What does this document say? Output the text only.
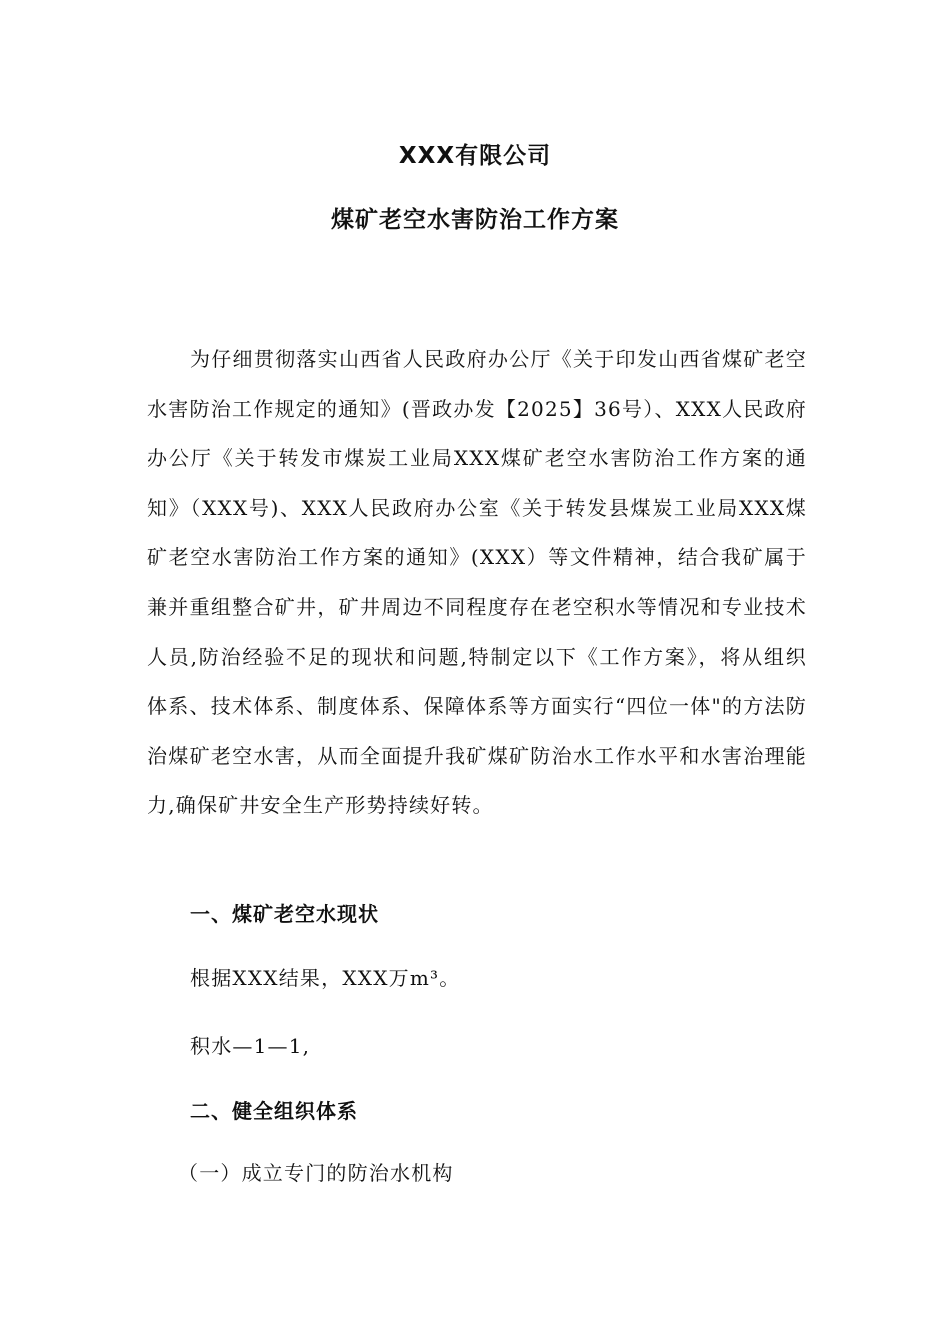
XXX有限公司
煤矿老空水害防治工作方案

为仔细贯彻落实山西省人民政府办公厅《关于印发山西省煤矿老空水害防治工作规定的通知》(晋政办发【2025】36号）、XXX人民政府办公厅《关于转发市煤炭工业局XXX煤矿老空水害防治工作方案的通知》（XXX号)、XXX人民政府办公室《关于转发县煤炭工业局XXX煤矿老空水害防治工作方案的通知》(XXX）等文件精神，结合我矿属于兼并重组整合矿井，矿井周边不同程度存在老空积水等情况和专业技术人员,防治经验不足的现状和问题,特制定以下《工作方案》，将从组织体系、技术体系、制度体系、保障体系等方面实行“四位一体"的方法防治煤矿老空水害，从而全面提升我矿煤矿防治水工作水平和水害治理能力,确保矿井安全生产形势持续好转。

一、煤矿老空水现状

根据XXX结果，XXX万m³。

积水—1—1,

二、健全组织体系

（一）成立专门的防治水机构
